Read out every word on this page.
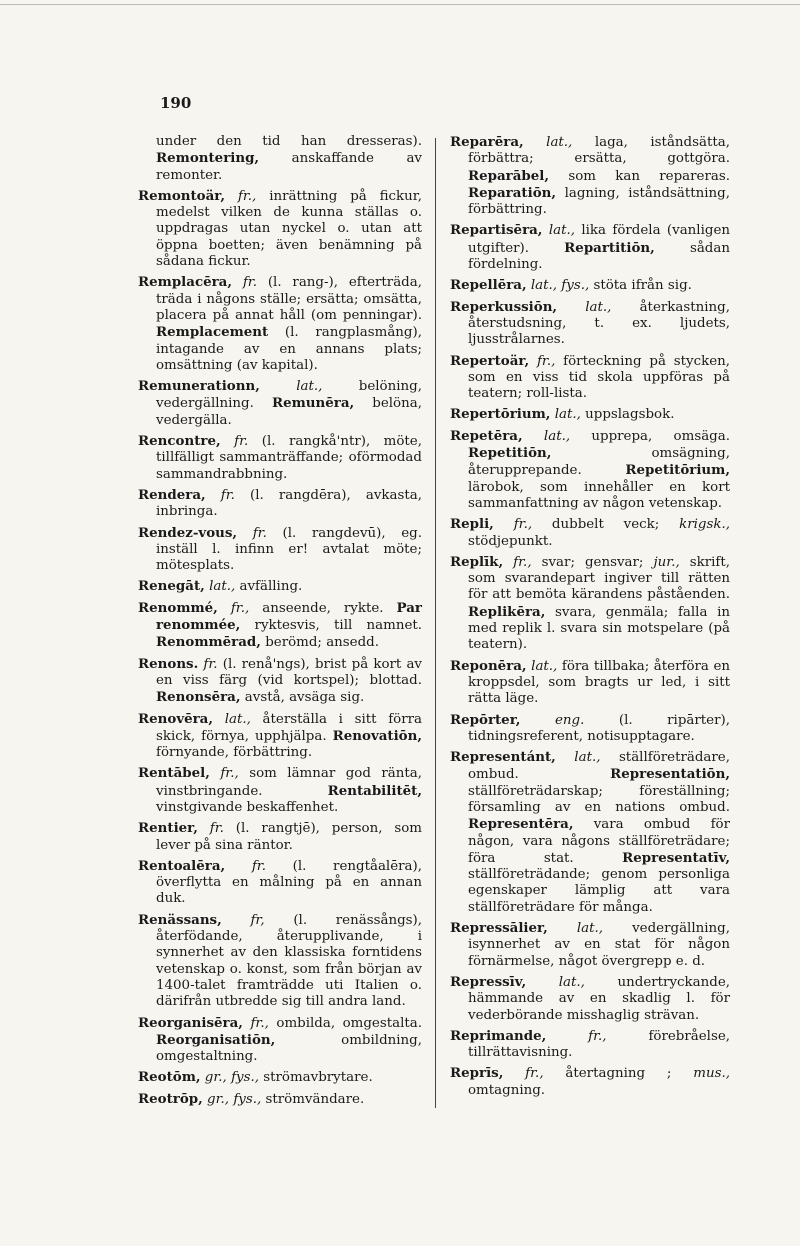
190

under den tid han dresseras). Remontering, anskaffande av remonter.

Remontoär, fr., inrättning på fickur, medelst vilken de kunna ställas o. uppdragas utan nyckel o. utan att öppna boetten; även benämning på sådana fickur.

Remplacēra, fr. (l. rang-), efterträda, träda i någons ställe; ersätta; omsätta, placera på annat håll (om penningar). Remplacement (l. rangplasmång), intagande av en annans plats; omsättning (av kapital).

Remunerationn,	lat.,	belöning, vedergällning. Remunēra, belöna, vedergälla.

Rencontre, fr. (l. rangkå'ntr), möte, tillfälligt sammanträffande; oförmodad sammandrabbning.

Rendera, fr. (l. rangdēra), avkasta, inbringa.

Rendez-vous, fr. (l. rangdevū), eg. inställ l. infinn er! avtalat möte; mötesplats.

Renegāt, lat., avfälling.

Renommé, fr., anseende, rykte. Par renommée, ryktesvis, till namnet. Renommērad, berömd; ansedd.

Renons. fr. (l. renå'ngs), brist på kort av en viss färg (vid kortspel); blottad. Renonsēra, avstå, avsäga sig.

Renovēra, lat., återställa i sitt förra skick, förnya, upphjälpa. Renovatiōn, förnyande, förbättring.

Rentābel, fr., som lämnar god ränta, vinstbringande.	Rentabilitēt, vinstgivande beskaffenhet.

Rentier, fr. (l. rangtjē), person, som lever på sina räntor.

Rentoalēra, fr. (l. rengtåalēra), överflytta en målning på en annan duk.

Renässans, fr, (l. renässångs), återfödande, återupplivande, i synnerhet av den klassiska forntidens vetenskap o. konst, som från början av 1400-talet framträdde uti Italien o. därifrån utbredde sig till andra land.

Reorganisēra, fr., ombilda, omgestalta. Reorganisatiōn,	ombildning, omgestaltning.

Reotōm, gr., fys., strömavbrytare.

Reotrōp, gr., fys., strömvändare.

Reparēra, lat., laga, iståndsätta, förbättra; ersätta, gottgöra. Reparābel, som kan repareras. Reparatiōn, lagning, iståndsättning, förbättring.

Repartisēra, lat., lika fördela (vanligen utgifter).	Repartitiōn,	sådan fördelning.

Repellēra, lat., fys., stöta ifrån sig.

Reperkussiōn, lat., återkastning, återstudsning, t. ex. ljudets, ljusstrålarnes.

Repertoär, fr., förteckning på stycken, som en viss tid skola uppföras på teatern; roll-lista.

Repertōrium, lat., uppslagsbok.

Repetēra, lat., upprepa, omsäga. Repetitiōn,	omsägning, återupprepande.	Repetitōrium, lärobok, som innehåller en kort sammanfattning av någon vetenskap.

Repli, fr., dubbelt veck; krigsk., stödjepunkt.

Replīk, fr., svar; gensvar; jur., skrift, som svarandepart ingiver till rätten för att bemöta kärandens påståenden. Replikēra, svara, genmäla; falla in med replik l. svara sin motspelare (på teatern).

Reponēra, lat., föra tillbaka; återföra en kroppsdel, som bragts ur led, i sitt rätta läge.

Repōrter,	eng.	(l. ripārter), tidningsreferent, notisupptagare.

Representánt, lat., ställföreträdare, ombud.	Representatiōn, ställföreträdarskap; föreställning; församling av en nations ombud. Representēra, vara ombud för någon, vara någons ställföreträdare; föra stat.	Representatīv, ställföreträdande; genom personliga egenskaper lämplig att vara ställföreträdare för många.

Repressālier, lat., vedergällning, isynnerhet av en stat för någon förnärmelse, något övergrepp e. d.

Repressīv, lat., undertryckande, hämmande av en skadlig l. för vederbörande misshaglig strävan.

Reprimande,	fr.,	förebråelse, tillrättavisning.

Reprīs, fr., återtagning ; mus., omtagning.
